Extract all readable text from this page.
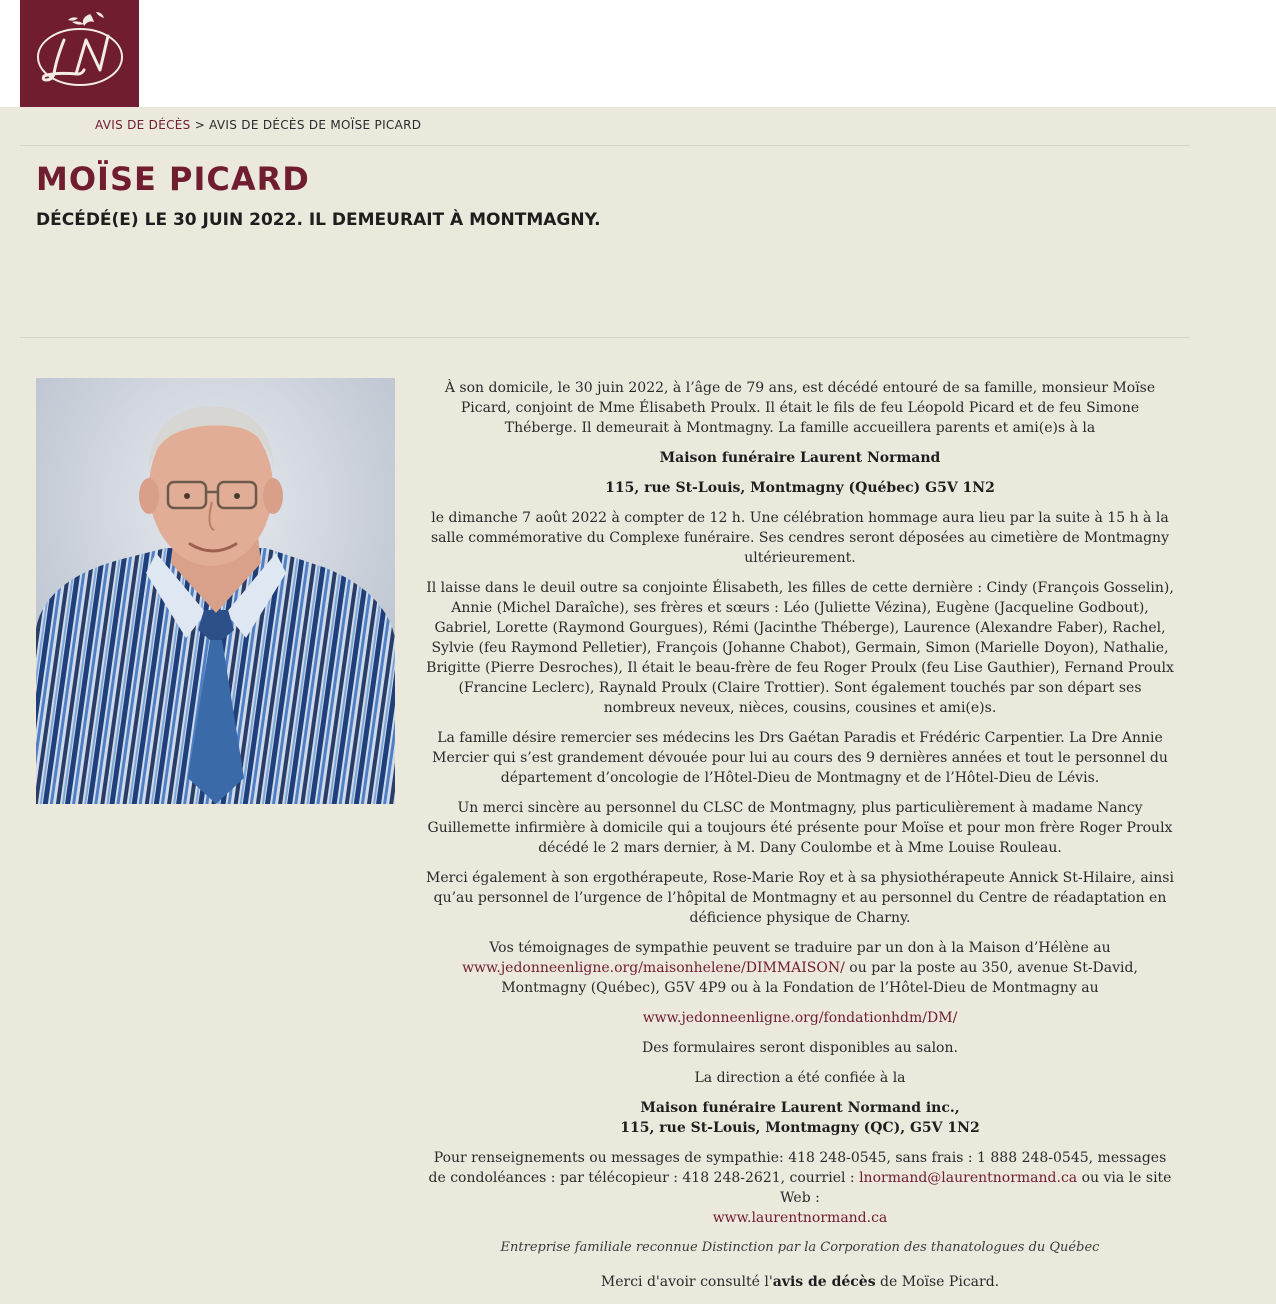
AVIS DE DÉCÈS > AVIS DE DÉCÈS DE MOÏSE PICARD
MOÏSE PICARD
DÉCÉDÉ(E) LE 30 JUIN 2022. IL DEMEURAIT À MONTMAGNY.

À son domicile, le 30 juin 2022, à l’âge de 79 ans, est décédé entouré de sa famille, monsieur Moïse Picard, conjoint de Mme Élisabeth Proulx. Il était le fils de feu Léopold Picard et de feu Simone Théberge. Il demeurait à Montmagny. La famille accueillera parents et ami(e)s à la

Maison funéraire Laurent Normand

115, rue St-Louis, Montmagny (Québec) G5V 1N2

le dimanche 7 août 2022 à compter de 12 h. Une célébration hommage aura lieu par la suite à 15 h à la salle commémorative du Complexe funéraire. Ses cendres seront déposées au cimetière de Montmagny ultérieurement.

Il laisse dans le deuil outre sa conjointe Élisabeth, les filles de cette dernière : Cindy (François Gosselin), Annie (Michel Daraîche), ses frères et sœurs : Léo (Juliette Vézina), Eugène (Jacqueline Godbout), Gabriel, Lorette (Raymond Gourgues), Rémi (Jacinthe Théberge), Laurence (Alexandre Faber), Rachel, Sylvie (feu Raymond Pelletier), François (Johanne Chabot), Germain, Simon (Marielle Doyon), Nathalie, Brigitte (Pierre Desroches), Il était le beau-frère de feu Roger Proulx (feu Lise Gauthier), Fernand Proulx (Francine Leclerc), Raynald Proulx (Claire Trottier). Sont également touchés par son départ ses nombreux neveux, nièces, cousins, cousines et ami(e)s.

La famille désire remercier ses médecins les Drs Gaétan Paradis et Frédéric Carpentier. La Dre Annie Mercier qui s’est grandement dévouée pour lui au cours des 9 dernières années et tout le personnel du département d’oncologie de l’Hôtel-Dieu de Montmagny et de l’Hôtel-Dieu de Lévis.

Un merci sincère au personnel du CLSC de Montmagny, plus particulièrement à madame Nancy Guillemette infirmière à domicile qui a toujours été présente pour Moïse et pour mon frère Roger Proulx décédé le 2 mars dernier, à M. Dany Coulombe et à Mme Louise Rouleau.

Merci également à son ergothérapeute, Rose-Marie Roy et à sa physiothérapeute Annick St-Hilaire, ainsi qu’au personnel de l’urgence de l’hôpital de Montmagny et au personnel du Centre de réadaptation en déficience physique de Charny.

Vos témoignages de sympathie peuvent se traduire par un don à la Maison d’Hélène au www.jedonneenligne.org/maisonhelene/DIMMAISON/ ou par la poste au 350, avenue St-David, Montmagny (Québec), G5V 4P9 ou à la Fondation de l’Hôtel-Dieu de Montmagny au

www.jedonneenligne.org/fondationhdm/DM/

Des formulaires seront disponibles au salon.

La direction a été confiée à la

Maison funéraire Laurent Normand inc.,
115, rue St-Louis, Montmagny (QC), G5V 1N2

Pour renseignements ou messages de sympathie: 418 248-0545, sans frais : 1 888 248-0545, messages de condoléances : par télécopieur : 418 248-2621, courriel : lnormand@laurentnormand.ca ou via le site Web :
www.laurentnormand.ca

Entreprise familiale reconnue Distinction par la Corporation des thanatologues du Québec

Merci d'avoir consulté l'avis de décès de Moïse Picard.
